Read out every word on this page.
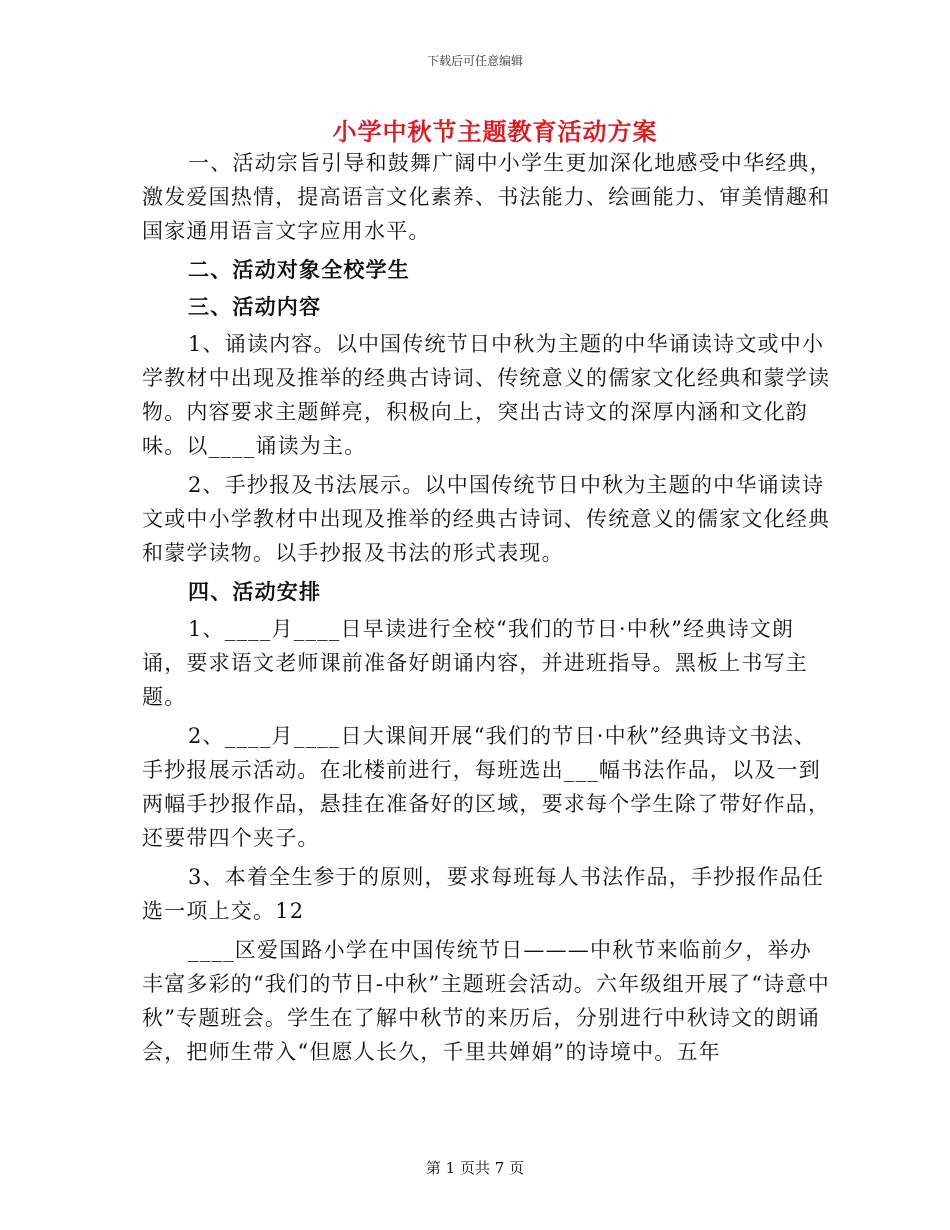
下载后可任意编辑
小学中秋节主题教育活动方案

一、活动宗旨引导和鼓舞广阔中小学生更加深化地感受中华经典，激发爱国热情，提高语言文化素养、书法能力、绘画能力、审美情趣和国家通用语言文字应用水平。

二、活动对象全校学生

三、活动内容

1、诵读内容。以中国传统节日中秋为主题的中华诵读诗文或中小学教材中出现及推举的经典古诗词、传统意义的儒家文化经典和蒙学读物。内容要求主题鲜亮，积极向上，突出古诗文的深厚内涵和文化韵味。以____诵读为主。

2、手抄报及书法展示。以中国传统节日中秋为主题的中华诵读诗文或中小学教材中出现及推举的经典古诗词、传统意义的儒家文化经典和蒙学读物。以手抄报及书法的形式表现。

四、活动安排

1、____月____日早读进行全校“我们的节日·中秋”经典诗文朗诵，要求语文老师课前准备好朗诵内容，并进班指导。黑板上书写主题。

2、____月____日大课间开展“我们的节日·中秋”经典诗文书法、手抄报展示活动。在北楼前进行，每班选出___幅书法作品，以及一到两幅手抄报作品，悬挂在准备好的区域，要求每个学生除了带好作品，还要带四个夹子。

3、本着全生参于的原则，要求每班每人书法作品，手抄报作品任选一项上交。12

____区爱国路小学在中国传统节日———中秋节来临前夕，举办丰富多彩的“我们的节日-中秋”主题班会活动。六年级组开展了“诗意中秋”专题班会。学生在了解中秋节的来历后，分别进行中秋诗文的朗诵会，把师生带入“但愿人长久，千里共婵娟”的诗境中。五年

第 1 页共 7 页
